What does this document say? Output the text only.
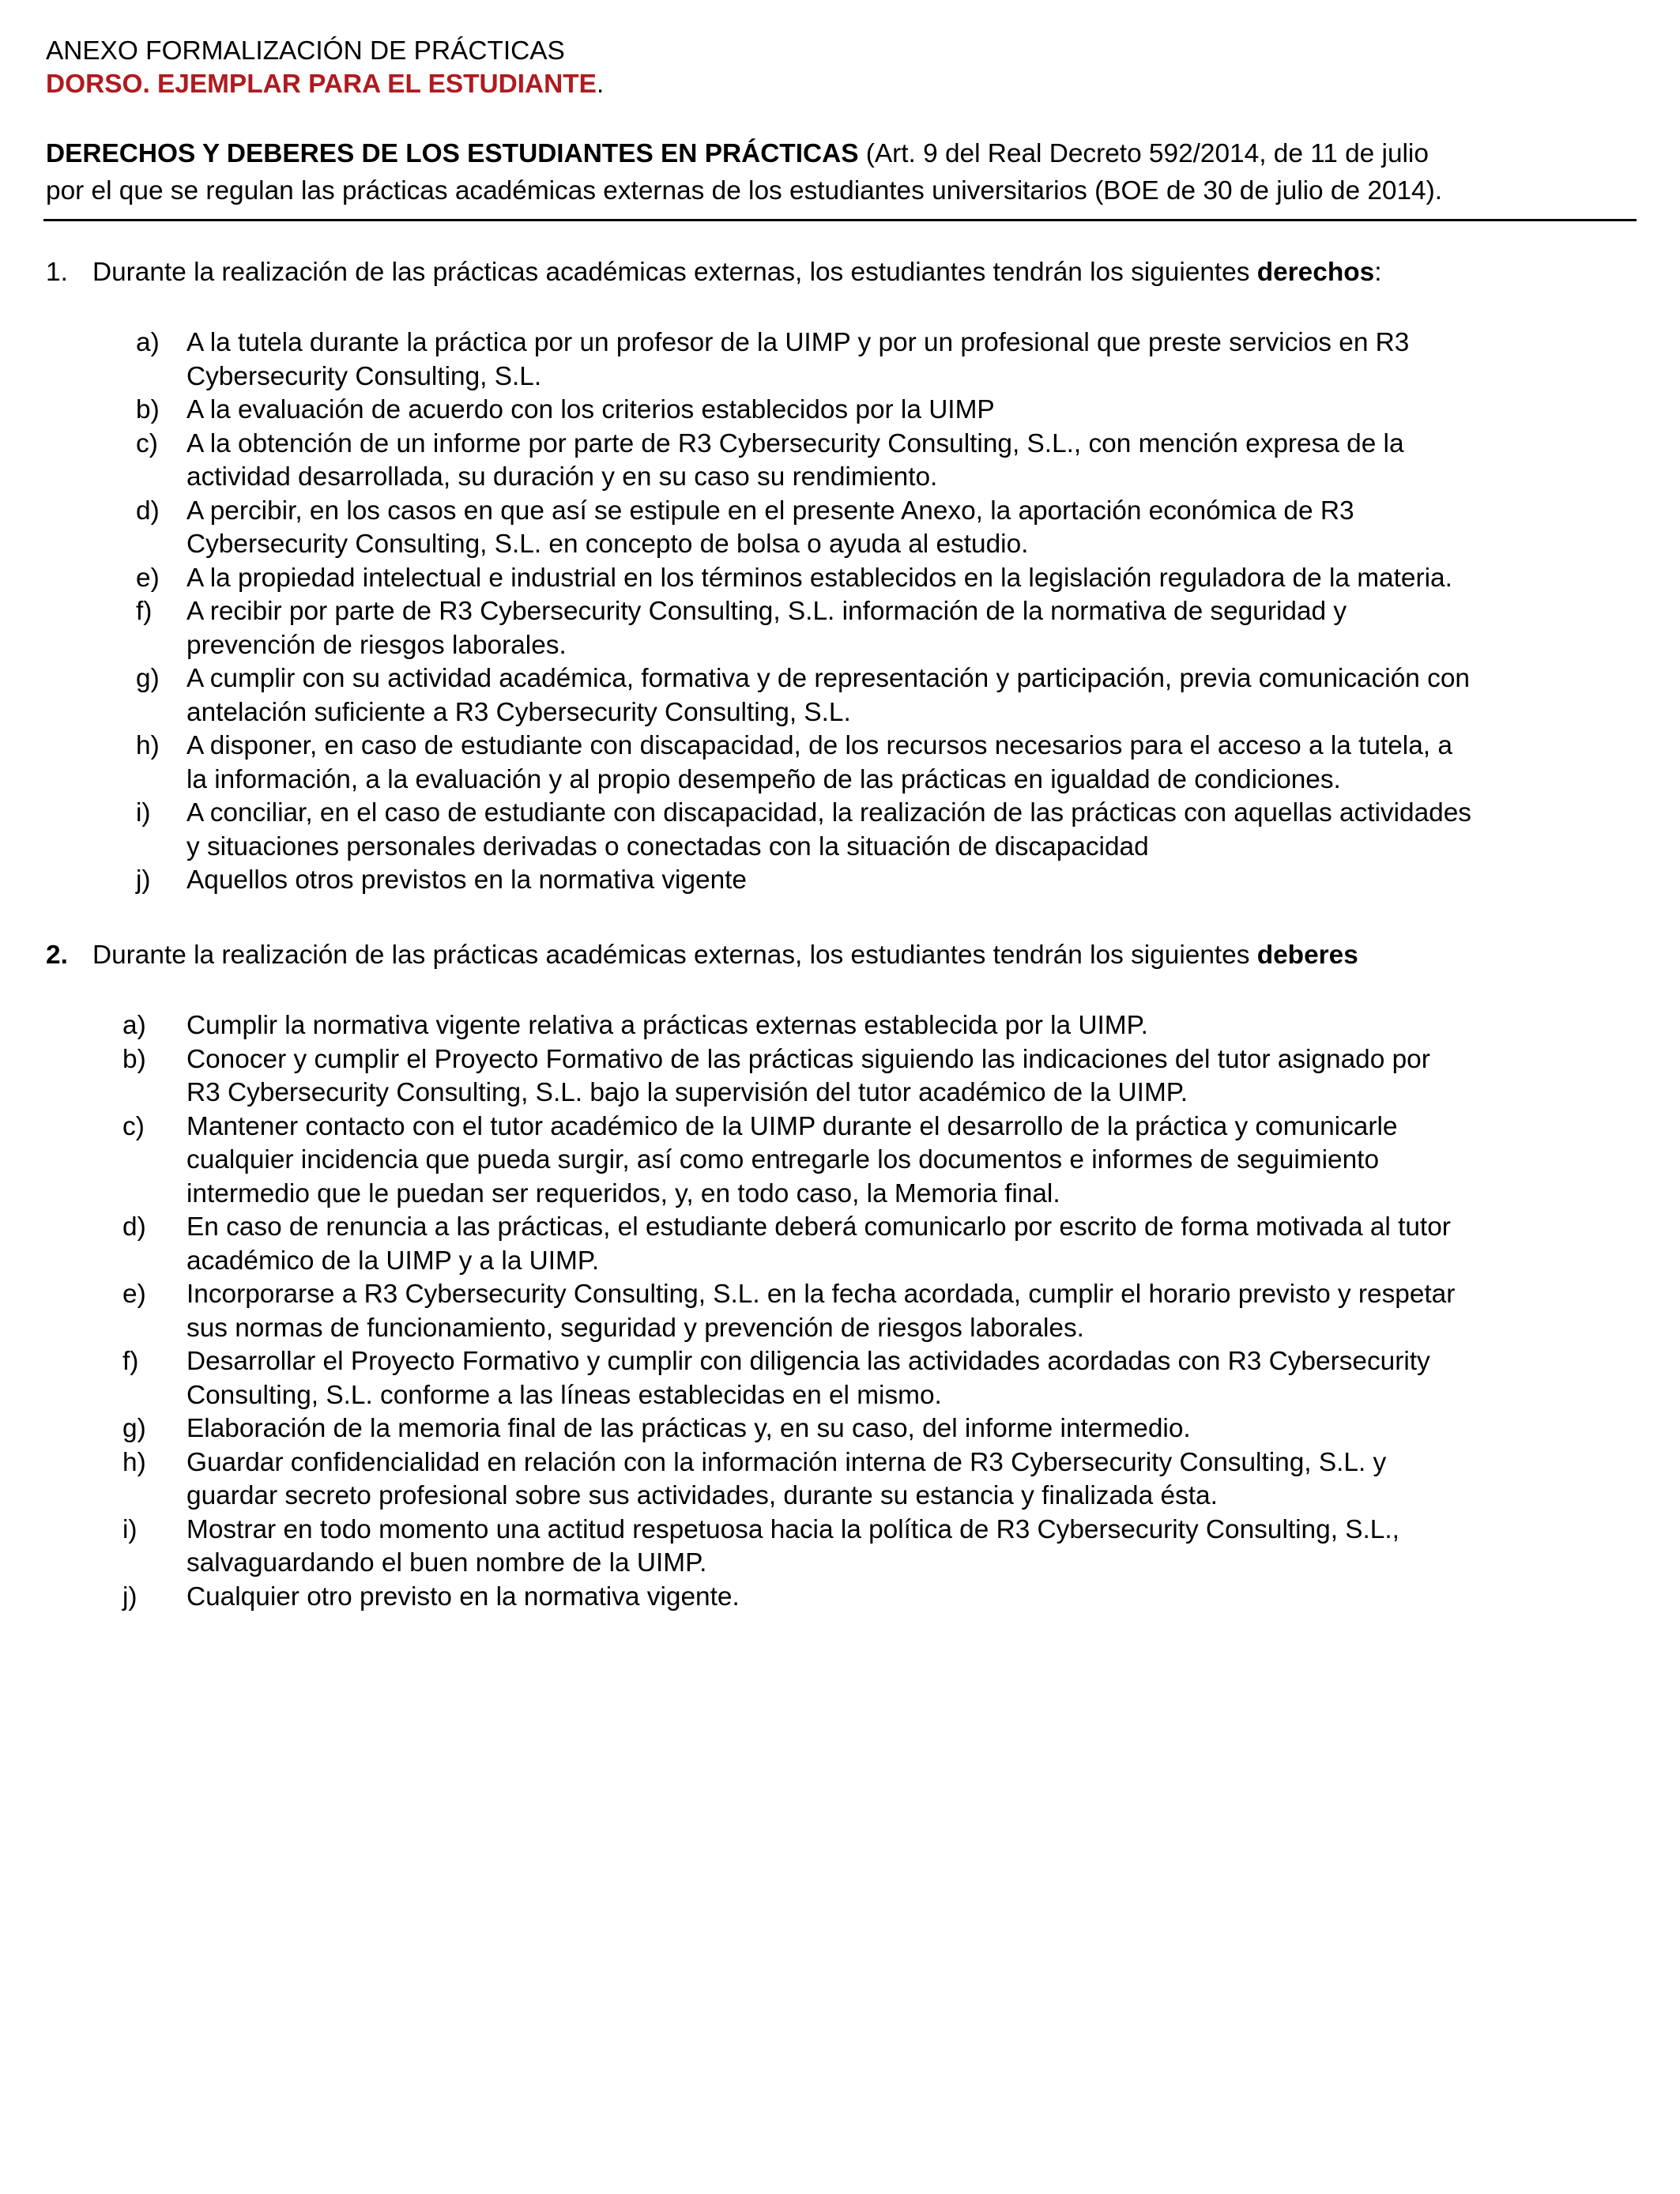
ANEXO FORMALIZACIÓN DE PRÁCTICAS

DORSO. EJEMPLAR PARA EL ESTUDIANTE.

DERECHOS Y DEBERES DE LOS ESTUDIANTES EN PRÁCTICAS (Art. 9 del Real Decreto 592/2014, de 11 de julio

por el que se regulan las prácticas académicas externas de los estudiantes universitarios (BOE de 30 de julio de 2014).

1. Durante la realización de las prácticas académicas externas, los estudiantes tendrán los siguientes derechos:

a) A la tutela durante la práctica por un profesor de la UIMP y por un profesional que preste servicios en R3
Cybersecurity Consulting, S.L.
b) A la evaluación de acuerdo con los criterios establecidos por la UIMP
c) A la obtención de un informe por parte de R3 Cybersecurity Consulting, S.L., con mención expresa de la
actividad desarrollada, su duración y en su caso su rendimiento.
d) A percibir, en los casos en que así se estipule en el presente Anexo, la aportación económica de R3
Cybersecurity Consulting, S.L. en concepto de bolsa o ayuda al estudio.
e) A la propiedad intelectual e industrial en los términos establecidos en la legislación reguladora de la materia.
f) A recibir por parte de R3 Cybersecurity Consulting, S.L. información de la normativa de seguridad y
prevención de riesgos laborales.
g) A cumplir con su actividad académica, formativa y de representación y participación, previa comunicación con
antelación suficiente a R3 Cybersecurity Consulting, S.L.
h) A disponer, en caso de estudiante con discapacidad, de los recursos necesarios para el acceso a la tutela, a
la información, a la evaluación y al propio desempeño de las prácticas en igualdad de condiciones.
i) A conciliar, en el caso de estudiante con discapacidad, la realización de las prácticas con aquellas actividades
y situaciones personales derivadas o conectadas con la situación de discapacidad
j) Aquellos otros previstos en la normativa vigente

2. Durante la realización de las prácticas académicas externas, los estudiantes tendrán los siguientes deberes

a) Cumplir la normativa vigente relativa a prácticas externas establecida por la UIMP.
b) Conocer y cumplir el Proyecto Formativo de las prácticas siguiendo las indicaciones del tutor asignado por
R3 Cybersecurity Consulting, S.L. bajo la supervisión del tutor académico de la UIMP.
c) Mantener contacto con el tutor académico de la UIMP durante el desarrollo de la práctica y comunicarle
cualquier incidencia que pueda surgir, así como entregarle los documentos e informes de seguimiento
intermedio que le puedan ser requeridos, y, en todo caso, la Memoria final.
d) En caso de renuncia a las prácticas, el estudiante deberá comunicarlo por escrito de forma motivada al tutor
académico de la UIMP y a la UIMP.
e) Incorporarse a R3 Cybersecurity Consulting, S.L. en la fecha acordada, cumplir el horario previsto y respetar
sus normas de funcionamiento, seguridad y prevención de riesgos laborales.
f) Desarrollar el Proyecto Formativo y cumplir con diligencia las actividades acordadas con R3 Cybersecurity
Consulting, S.L. conforme a las líneas establecidas en el mismo.
g) Elaboración de la memoria final de las prácticas y, en su caso, del informe intermedio.
h) Guardar confidencialidad en relación con la información interna de R3 Cybersecurity Consulting, S.L. y
guardar secreto profesional sobre sus actividades, durante su estancia y finalizada ésta.
i) Mostrar en todo momento una actitud respetuosa hacia la política de R3 Cybersecurity Consulting, S.L.,
salvaguardando el buen nombre de la UIMP.
j) Cualquier otro previsto en la normativa vigente.
